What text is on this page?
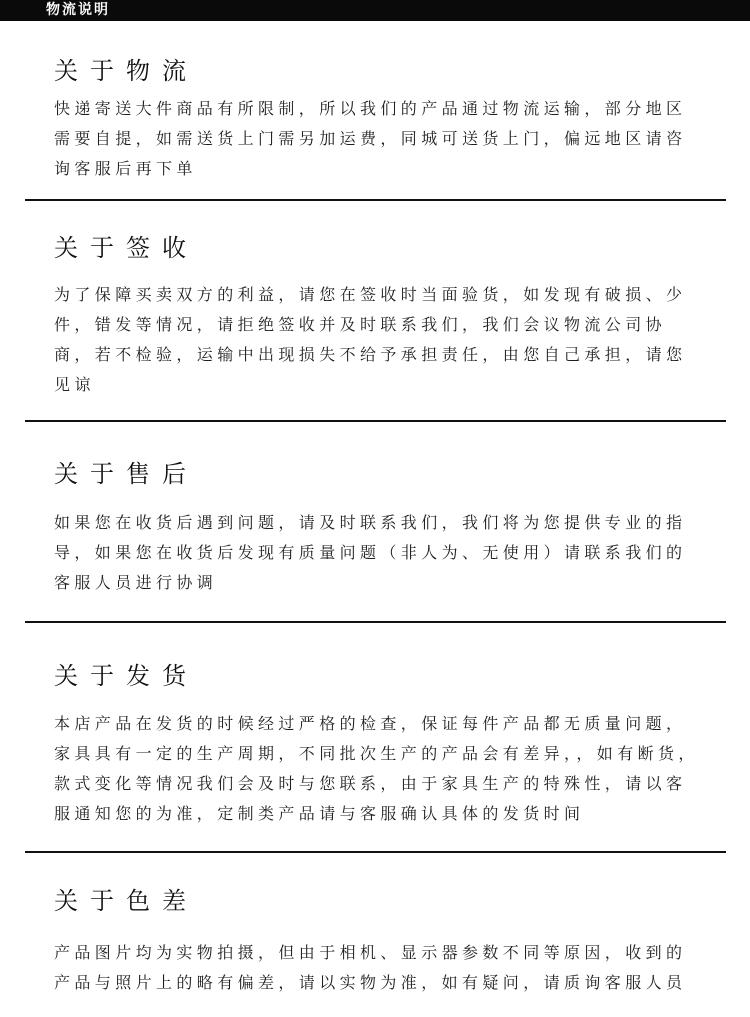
物流说明
关于物流
快递寄送大件商品有所限制，所以我们的产品通过物流运输，部分地区需要自提，如需送货上门需另加运费，同城可送货上门，偏远地区请咨询客服后再下单
关于签收
为了保障买卖双方的利益，请您在签收时当面验货，如发现有破损、少件，错发等情况，请拒绝签收并及时联系我们，我们会议物流公司协商，若不检验，运输中出现损失不给予承担责任，由您自己承担，请您见谅
关于售后
如果您在收货后遇到问题，请及时联系我们，我们将为您提供专业的指导，如果您在收货后发现有质量问题（非人为、无使用）请联系我们的客服人员进行协调
关于发货
本店产品在发货的时候经过严格的检查，保证每件产品都无质量问题，家具具有一定的生产周期，不同批次生产的产品会有差异，，如有断货，款式变化等情况我们会及时与您联系，由于家具生产的特殊性，请以客服通知您的为准，定制类产品请与客服确认具体的发货时间
关于色差
产品图片均为实物拍摄，但由于相机、显示器参数不同等原因，收到的产品与照片上的略有偏差，请以实物为准，如有疑问，请质询客服人员
